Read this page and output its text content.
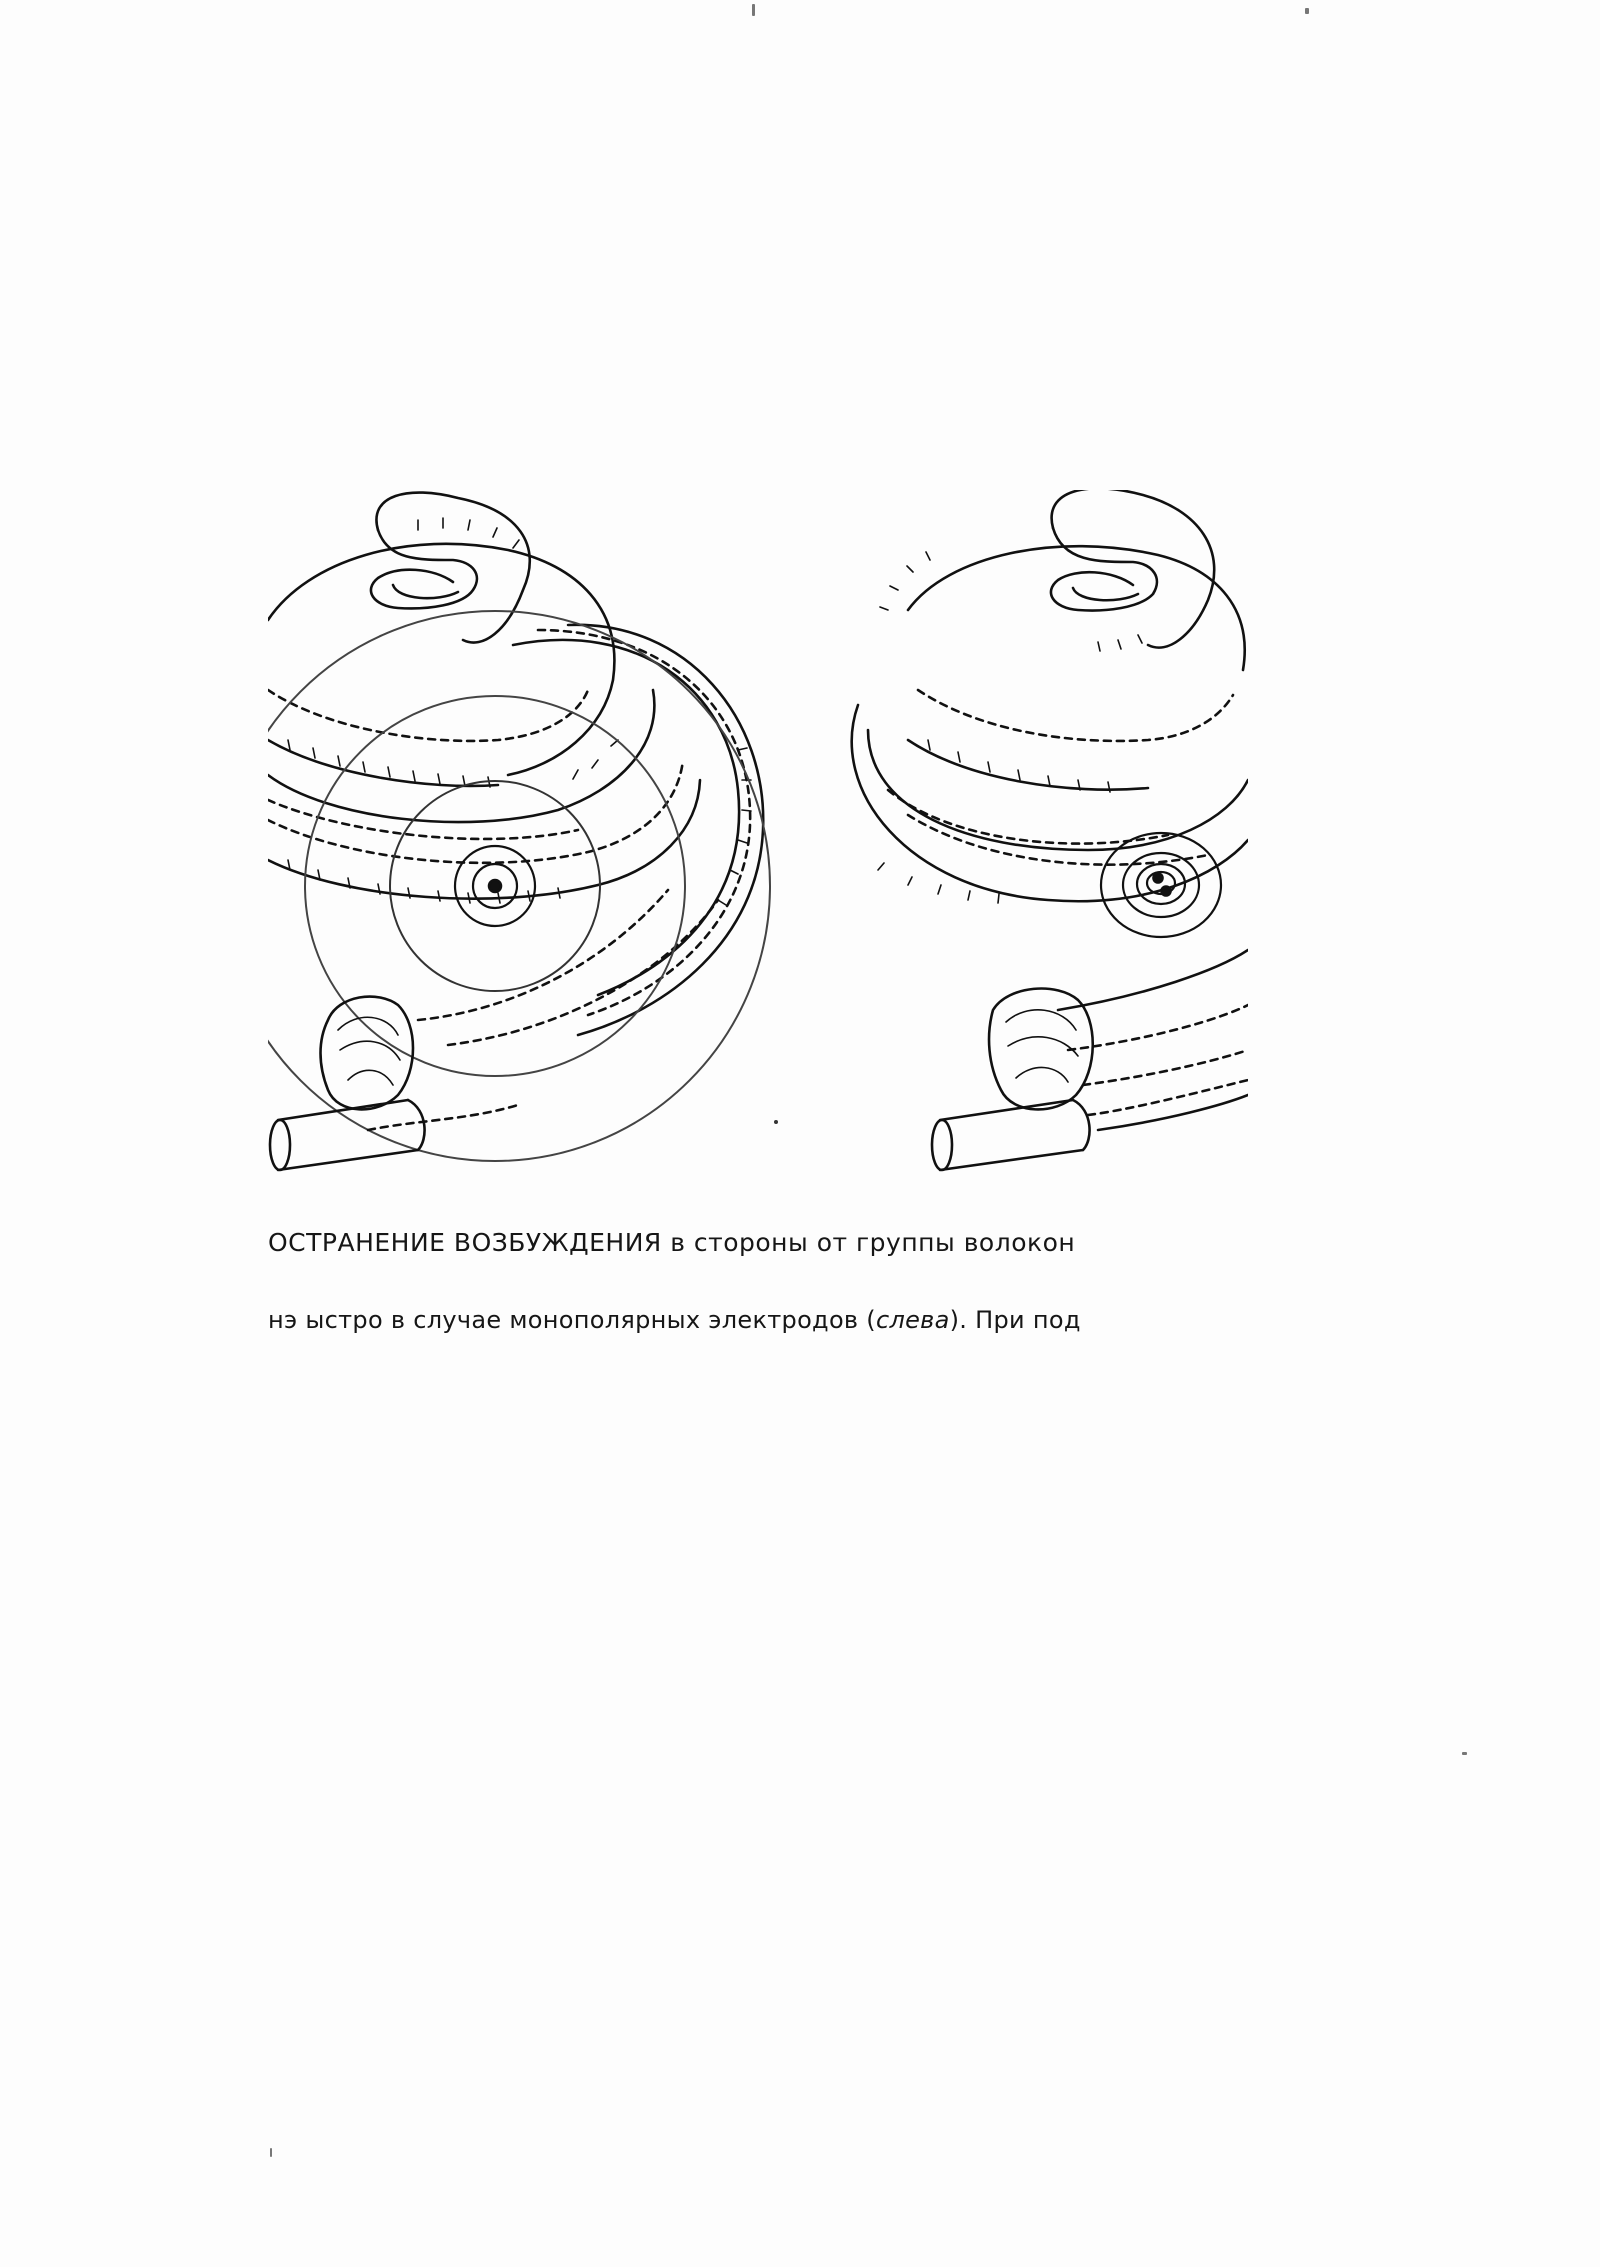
ОСТРАНЕНИЕ ВОЗБУЖДЕНИЯ в стороны от группы волокон
нэ ыстро в случае монополярных электродов (слева). При под
